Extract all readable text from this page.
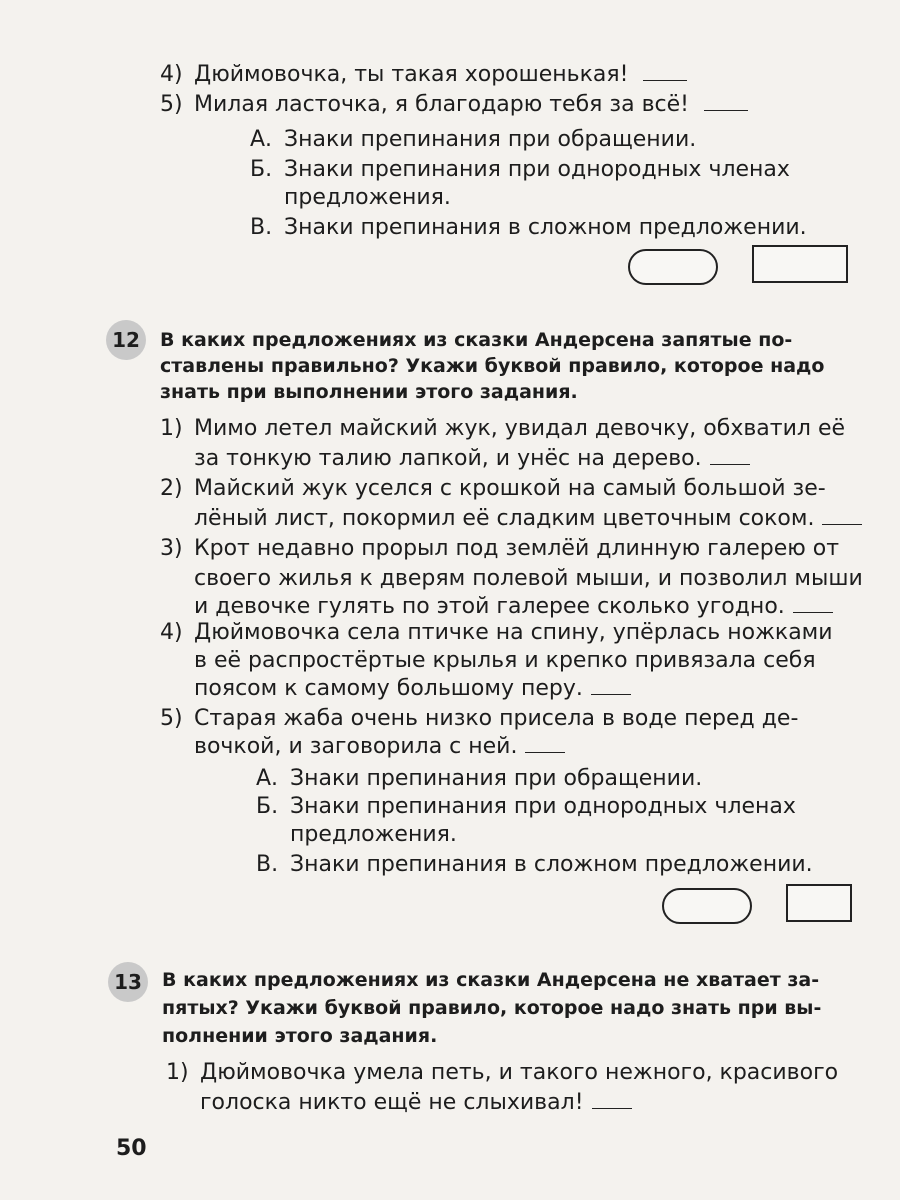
4) Дюймовочка, ты такая хорошенькая!
5) Милая ласточка, я благодарю тебя за всё!
А. Знаки препинания при обращении.
Б. Знаки препинания при однородных членах
предложения.
В. Знаки препинания в сложном предложении.
12 В каких предложениях из сказки Андерсена запятые по-
ставлены правильно? Укажи буквой правило, которое надо
знать при выполнении этого задания.
1) Мимо летел майский жук, увидал девочку, обхватил её
за тонкую талию лапкой, и унёс на дерево.
2) Майский жук уселся с крошкой на самый большой зе-
лёный лист, покормил её сладким цветочным соком.
3) Крот недавно прорыл под землёй длинную галерею от
своего жилья к дверям полевой мыши, и позволил мыши
и девочке гулять по этой галерее сколько угодно.
4) Дюймовочка села птичке на спину, упёрлась ножками
в её распростёртые крылья и крепко привязала себя
поясом к самому большому перу.
5) Старая жаба очень низко присела в воде перед де-
вочкой, и заговорила с ней.
А. Знаки препинания при обращении.
Б. Знаки препинания при однородных членах
предложения.
В. Знаки препинания в сложном предложении.
13 В каких предложениях из сказки Андерсена не хватает за-
пятых? Укажи буквой правило, которое надо знать при вы-
полнении этого задания.
1) Дюймовочка умела петь, и такого нежного, красивого
голоска никто ещё не слыхивал!
50
